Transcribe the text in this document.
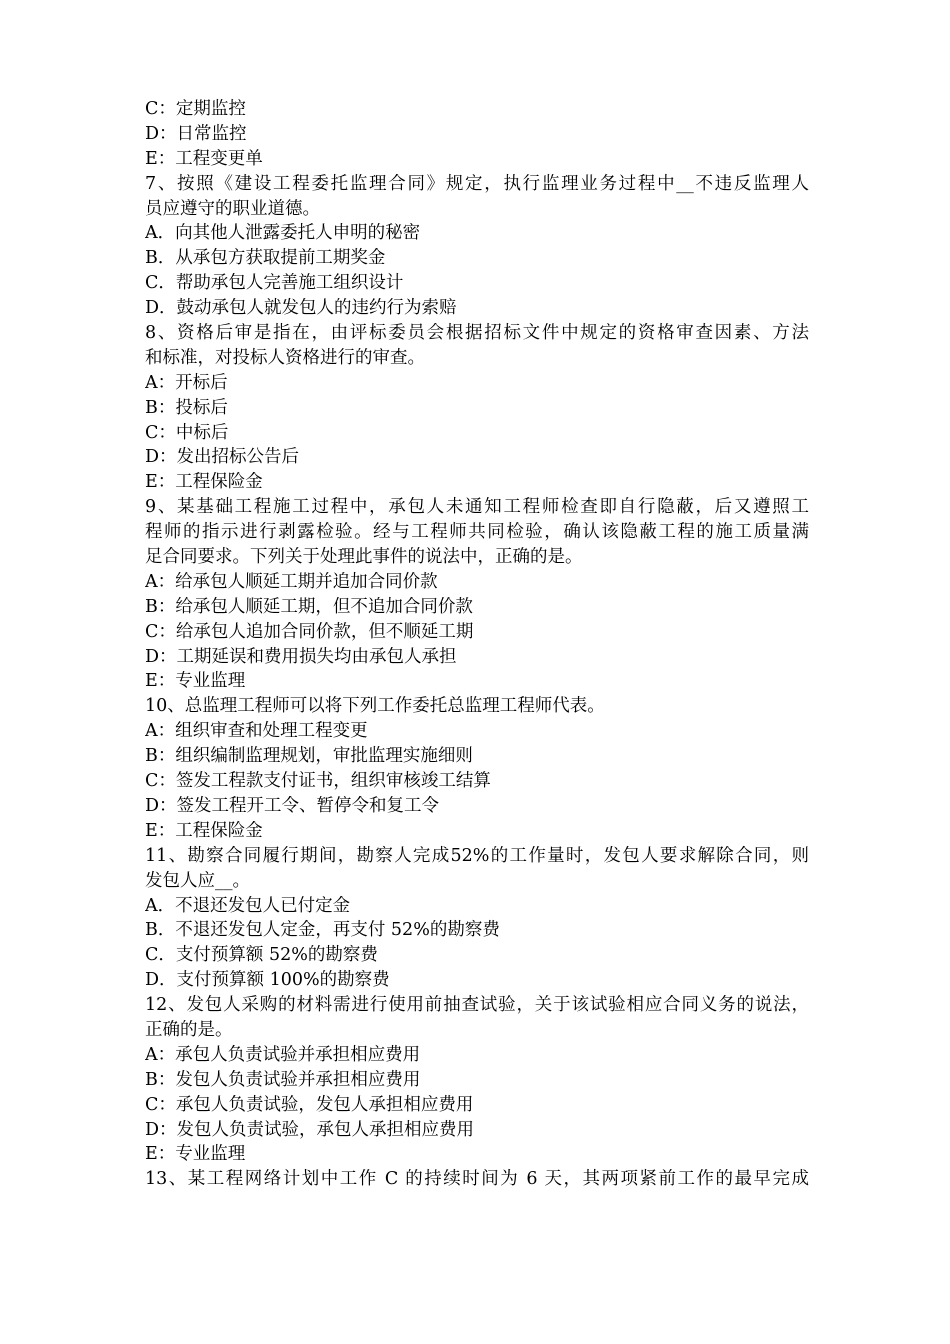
C：定期监控
D：日常监控
E：工程变更单
7、按照《建设工程委托监理合同》规定，执行监理业务过程中__不违反监理人
员应遵守的职业道德。
A．向其他人泄露委托人申明的秘密
B．从承包方获取提前工期奖金
C．帮助承包人完善施工组织设计
D．鼓动承包人就发包人的违约行为索赔
8、资格后审是指在，由评标委员会根据招标文件中规定的资格审查因素、方法
和标准，对投标人资格进行的审查。
A：开标后
B：投标后
C：中标后
D：发出招标公告后
E：工程保险金
9、某基础工程施工过程中，承包人未通知工程师检查即自行隐蔽，后又遵照工
程师的指示进行剥露检验。经与工程师共同检验，确认该隐蔽工程的施工质量满
足合同要求。下列关于处理此事件的说法中，正确的是。
A：给承包人顺延工期并追加合同价款
B：给承包人顺延工期，但不追加合同价款
C：给承包人追加合同价款，但不顺延工期
D：工期延误和费用损失均由承包人承担
E：专业监理
10、总监理工程师可以将下列工作委托总监理工程师代表。
A：组织审查和处理工程变更
B：组织编制监理规划，审批监理实施细则
C：签发工程款支付证书，组织审核竣工结算
D：签发工程开工令、暂停令和复工令
E：工程保险金
11、勘察合同履行期间，勘察人完成52%的工作量时，发包人要求解除合同，则
发包人应__。
A．不退还发包人已付定金
B．不退还发包人定金，再支付 52%的勘察费
C．支付预算额 52%的勘察费
D．支付预算额 100%的勘察费
12、发包人采购的材料需进行使用前抽查试验，关于该试验相应合同义务的说法，
正确的是。
A：承包人负责试验并承担相应费用
B：发包人负责试验并承担相应费用
C：承包人负责试验，发包人承担相应费用
D：发包人负责试验，承包人承担相应费用
E：专业监理
13、某工程网络计划中工作 C 的持续时间为 6 天，其两项紧前工作的最早完成
